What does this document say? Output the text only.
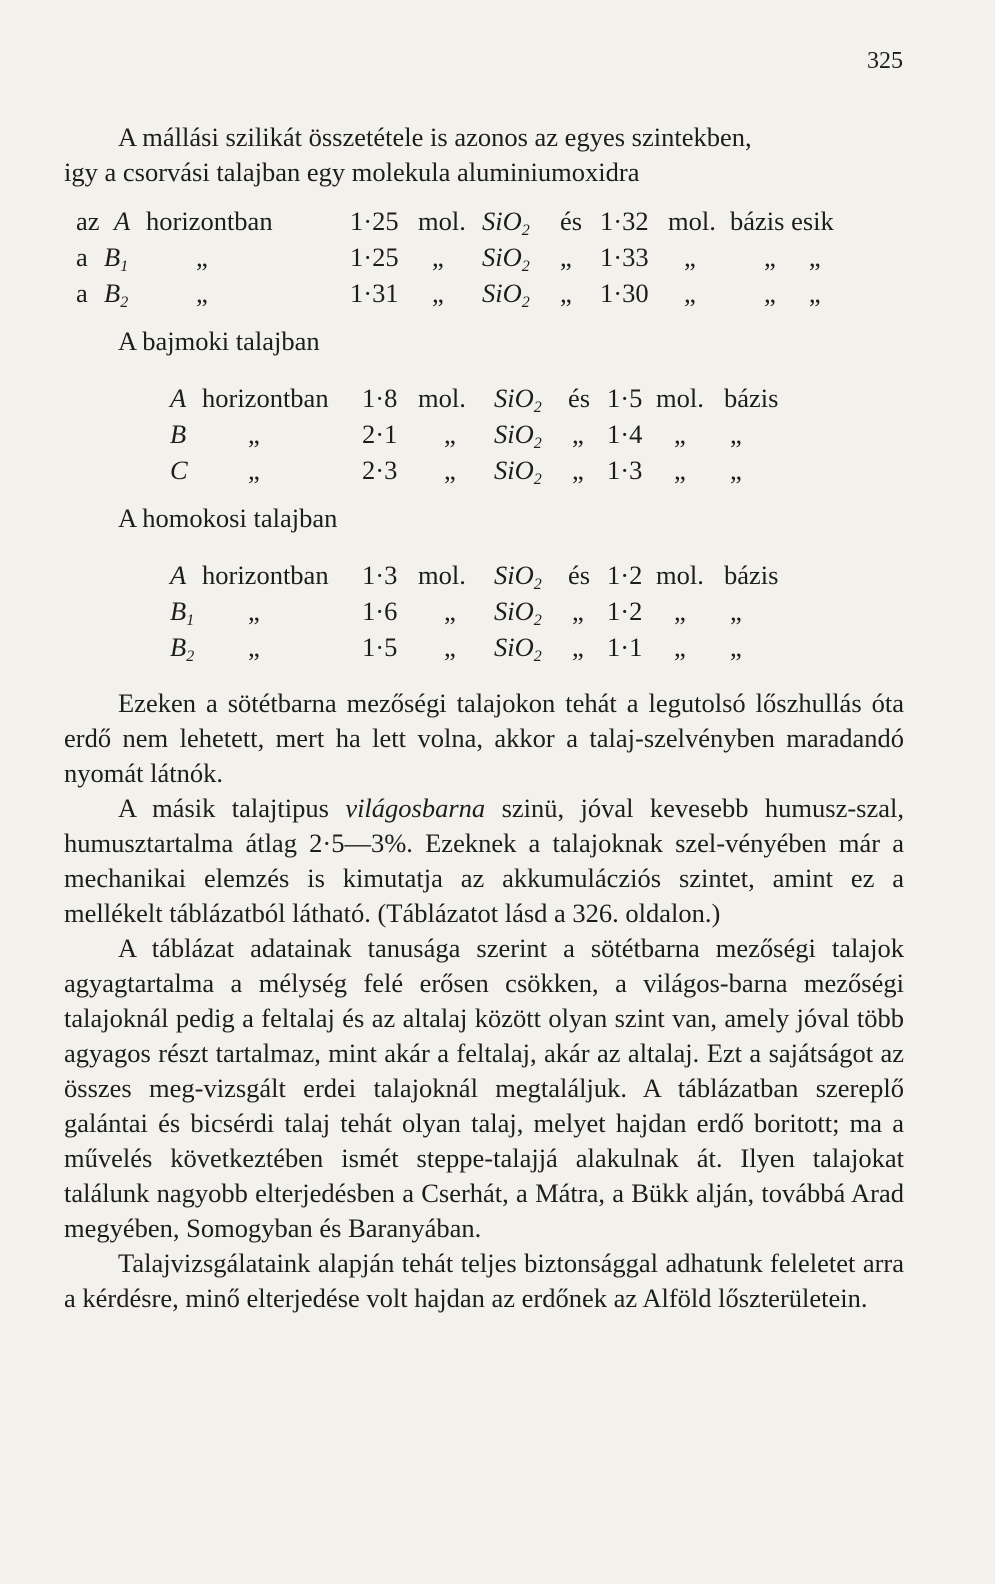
325
A mállási szilikát összetétele is azonos az egyes szintekben,
igy a csorvási talajban egy molekula aluminiumoxidra
az A horizontban	1·25 mol. SiO$_2$ és 1·32 mol. bázis esik
a $B_1$	„	1·25 „ SiO$_2$ „ 1·33 „	„     „
a $B_2$	„	1·31 „ SiO$_2$ „ 1·30 „	„     „
A bajmoki talajban
A horizontban 1·8 mol. SiO$_2$ és 1·5 mol. bázis
B „	2·1 „ SiO$_2$ „ 1·4 „ „
C „	2·3 „ SiO$_2$ „ 1·3 „ „
A homokosi talajban
A horizontban 1·3 mol. SiO$_2$ és 1·2 mol. bázis
$B_1$ „	1·6 „ SiO$_2$ „ 1·2 „ „
$B_2$ „	1·5 „ SiO$_2$ „ 1·1 „ „

Ezeken a sötétbarna mezőségi talajokon tehát a legutolsó lőszhullás óta erdő nem lehetett, mert ha lett volna, akkor a talaj-szelvényben maradandó nyomát látnók.

A másik talajtipus világosbarna szinü, jóval kevesebb humusz-szal, humusztartalma átlag 2·5—3%. Ezeknek a talajoknak szel-vényében már a mechanikai elemzés is kimutatja az akkumulácziós szintet, amint ez a mellékelt táblázatból látható. (Táblázatot lásd a 326. oldalon.)

A táblázat adatainak tanusága szerint a sötétbarna mezőségi talajok agyagtartalma a mélység felé erősen csökken, a világos-barna mezőségi talajoknál pedig a feltalaj és az altalaj között olyan szint van, amely jóval több agyagos részt tartalmaz, mint akár a feltalaj, akár az altalaj. Ezt a sajátságot az összes meg-vizsgált erdei talajoknál megtaláljuk. A táblázatban szereplő galántai és bicsérdi talaj tehát olyan talaj, melyet hajdan erdő boritott; ma a művelés következtében ismét steppe-talajjá alakulnak át. Ilyen talajokat találunk nagyobb elterjedésben a Cserhát, a Mátra, a Bükk alján, továbbá Arad megyében, Somogyban és Baranyában.

Talajvizsgálataink alapján tehát teljes biztonsággal adhatunk feleletet arra a kérdésre, minő elterjedése volt hajdan az erdőnek az Alföld lőszterületein.
